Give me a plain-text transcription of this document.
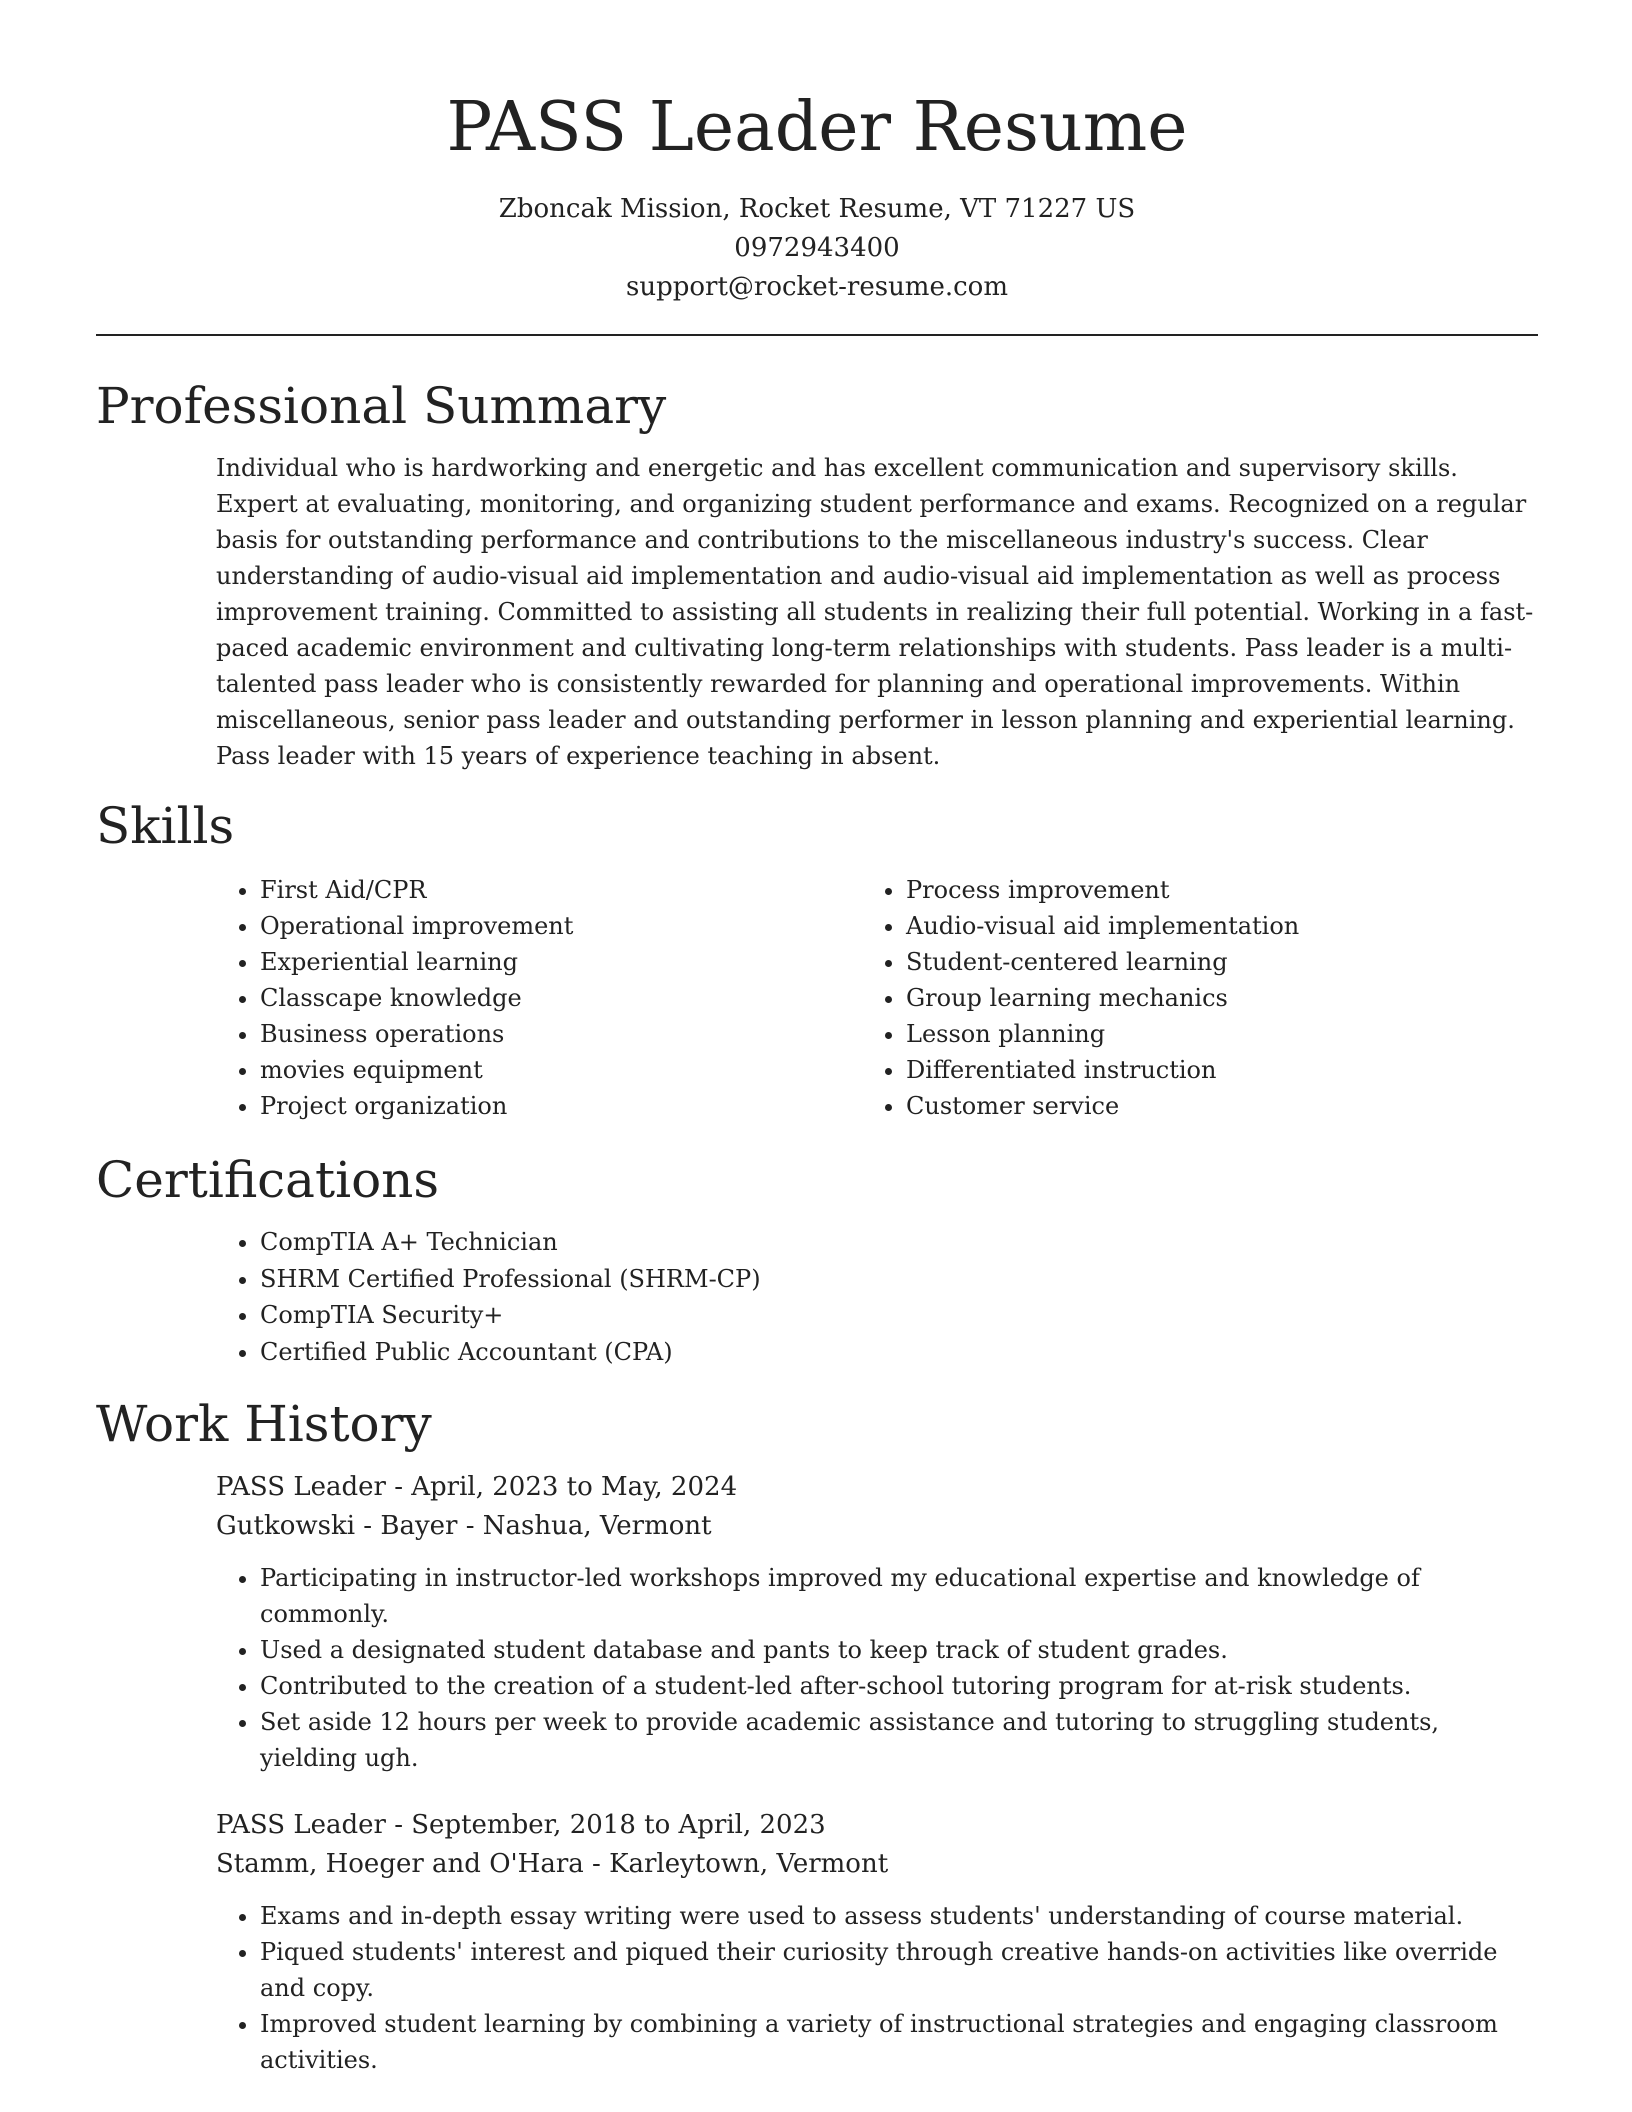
PASS Leader Resume

Zboncak Mission, Rocket Resume, VT 71227 US

0972943400

support@rocket-resume.com

Professional Summary

Individual who is hardworking and energetic and has excellent communication and supervisory skills. Expert at evaluating, monitoring, and organizing student performance and exams. Recognized on a regular basis for outstanding performance and contributions to the miscellaneous industry's success. Clear understanding of audio-visual aid implementation and audio-visual aid implementation as well as process improvement training. Committed to assisting all students in realizing their full potential. Working in a fast-paced academic environment and cultivating long-term relationships with students. Pass leader is a multi-talented pass leader who is consistently rewarded for planning and operational improvements. Within miscellaneous, senior pass leader and outstanding performer in lesson planning and experiential learning. Pass leader with 15 years of experience teaching in absent.

Skills
• First Aid/CPR
• Operational improvement
• Experiential learning
• Classcape knowledge
• Business operations
• movies equipment
• Project organization
• Process improvement
• Audio-visual aid implementation
• Student-centered learning
• Group learning mechanics
• Lesson planning
• Differentiated instruction
• Customer service
Certifications
• CompTIA A+ Technician
• SHRM Certified Professional (SHRM-CP)
• CompTIA Security+
• Certified Public Accountant (CPA)
Work History

PASS Leader - April, 2023 to May, 2024

Gutkowski - Bayer - Nashua, Vermont

• Participating in instructor-led workshops improved my educational expertise and knowledge of commonly.
• Used a designated student database and pants to keep track of student grades.
• Contributed to the creation of a student-led after-school tutoring program for at-risk students.
• Set aside 12 hours per week to provide academic assistance and tutoring to struggling students, yielding ugh.

PASS Leader - September, 2018 to April, 2023

Stamm, Hoeger and O'Hara - Karleytown, Vermont

• Exams and in-depth essay writing were used to assess students' understanding of course material.
• Piqued students' interest and piqued their curiosity through creative hands-on activities like override and copy.
• Improved student learning by combining a variety of instructional strategies and engaging classroom activities.
